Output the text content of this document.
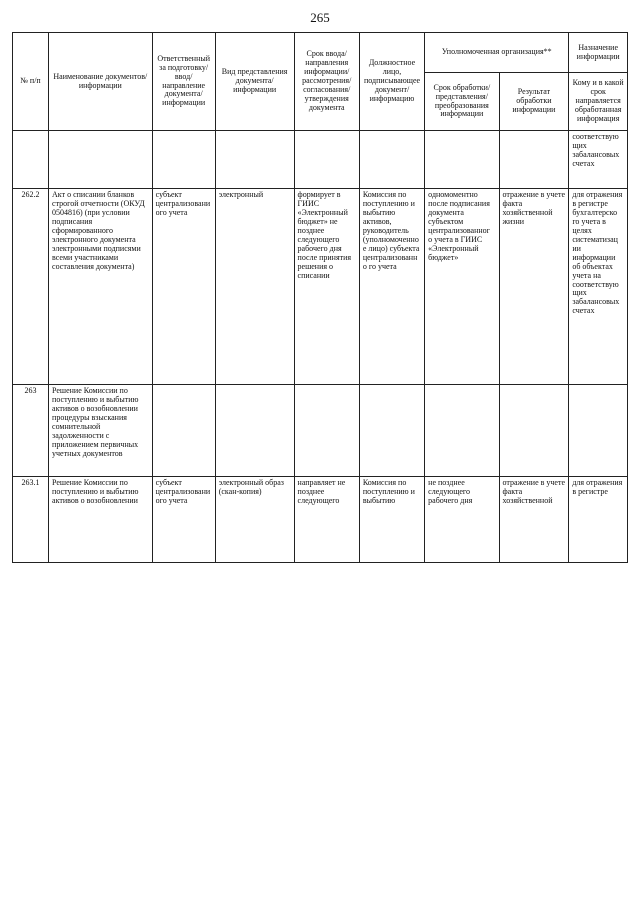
265
№ п/п	Наименование документов/информации	Ответственный за подготовку/ ввод/ направление документа/ информации	Вид представления документа/ информации	Срок ввода/ направления информации/ рассмотрения/ согласования/ утверждения документа	Должностное лицо, подписывающее документ/ информацию	Уполномоченная организация**		Назначение информации
						Срок обработки/ представления/ преобразования информации	Результат обработки информации	Кому и в какой срок направляется обработанная информация
								соответствую щих забалансовых счетах
262.2	Акт о списании бланков строгой отчетности (ОКУД 0504816) (при условии подписания сформированного электронного документа электронными подписями всеми участниками составления документа)	субъект централизовани ого учета	электронный	формирует в ГИИС «Электронный бюджет» не позднее следующего рабочего дня после принятия решения о списании	Комиссия по поступлению и выбытию активов, руководитель (уполномоченно е лицо) субъекта централизованно го учета	одномоментно после подписания документа субъектом централизованног о учета в ГИИС «Электронный бюджет»	отражение в учете факта хозяйственной жизни	для отражения в регистре бухгалтерско го учета в целях систематизац ии информации об объектах учета на соответствую щих забалансовых счетах
263	Решение Комиссии по поступлению и выбытию активов о возобновлении процедуры взыскания сомнительной задолженности с приложением первичных учетных документов							
263.1	Решение Комиссии по поступлению и выбытию активов о возобновлении	субъект централизовани ого учета	электронный образ (скан-копия)	направляет не позднее следующего	Комиссия по поступлению и выбытию	не позднее следующего рабочего дня	отражение в учете факта хозяйственной	для отражения в регистре
